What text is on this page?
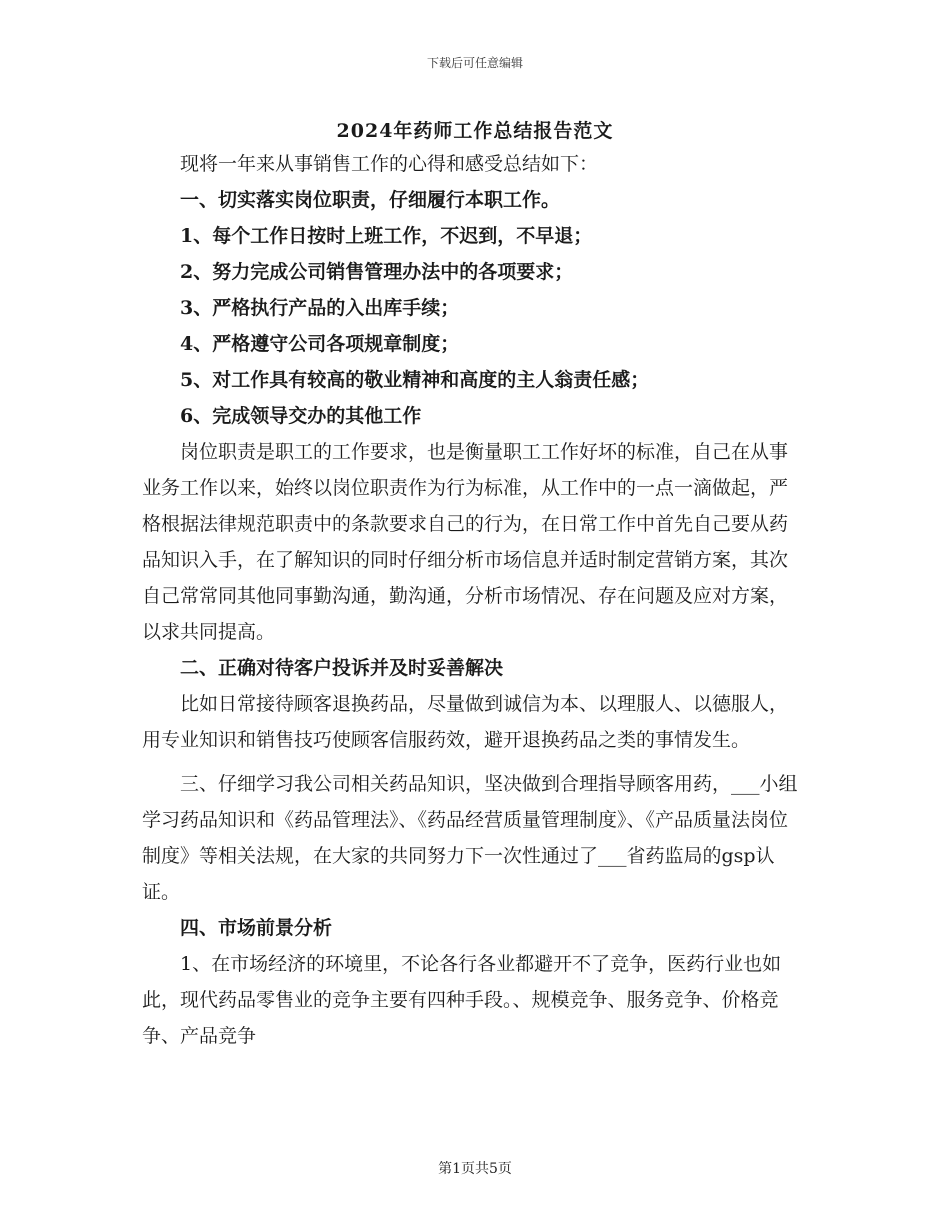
下载后可任意编辑
2024年药师工作总结报告范文

现将一年来从事销售工作的心得和感受总结如下：

一、切实落实岗位职责，仔细履行本职工作。

1、每个工作日按时上班工作，不迟到，不早退；

2、努力完成公司销售管理办法中的各项要求；

3、严格执行产品的入出库手续；

4、严格遵守公司各项规章制度；

5、对工作具有较高的敬业精神和高度的主人翁责任感；

6、完成领导交办的其他工作

岗位职责是职工的工作要求，也是衡量职工工作好坏的标准，自己在从事业务工作以来，始终以岗位职责作为行为标准，从工作中的一点一滴做起，严格根据法律规范职责中的条款要求自己的行为，在日常工作中首先自己要从药品知识入手，在了解知识的同时仔细分析市场信息并适时制定营销方案，其次自己常常同其他同事勤沟通，勤沟通，分析市场情况、存在问题及应对方案，以求共同提高。

二、正确对待客户投诉并及时妥善解决

比如日常接待顾客退换药品，尽量做到诚信为本、以理服人、以德服人，用专业知识和销售技巧使顾客信服药效，避开退换药品之类的事情发生。

三、仔细学习我公司相关药品知识，坚决做到合理指导顾客用药，___小组学习药品知识和《药品管理法》、《药品经营质量管理制度》、《产品质量法岗位制度》等相关法规，在大家的共同努力下一次性通过了___省药监局的gsp认证。

四、市场前景分析

1、在市场经济的环境里，不论各行各业都避开不了竞争，医药行业也如此，现代药品零售业的竞争主要有四种手段。、规模竞争、服务竞争、价格竞争、产品竞争

第1页共5页
